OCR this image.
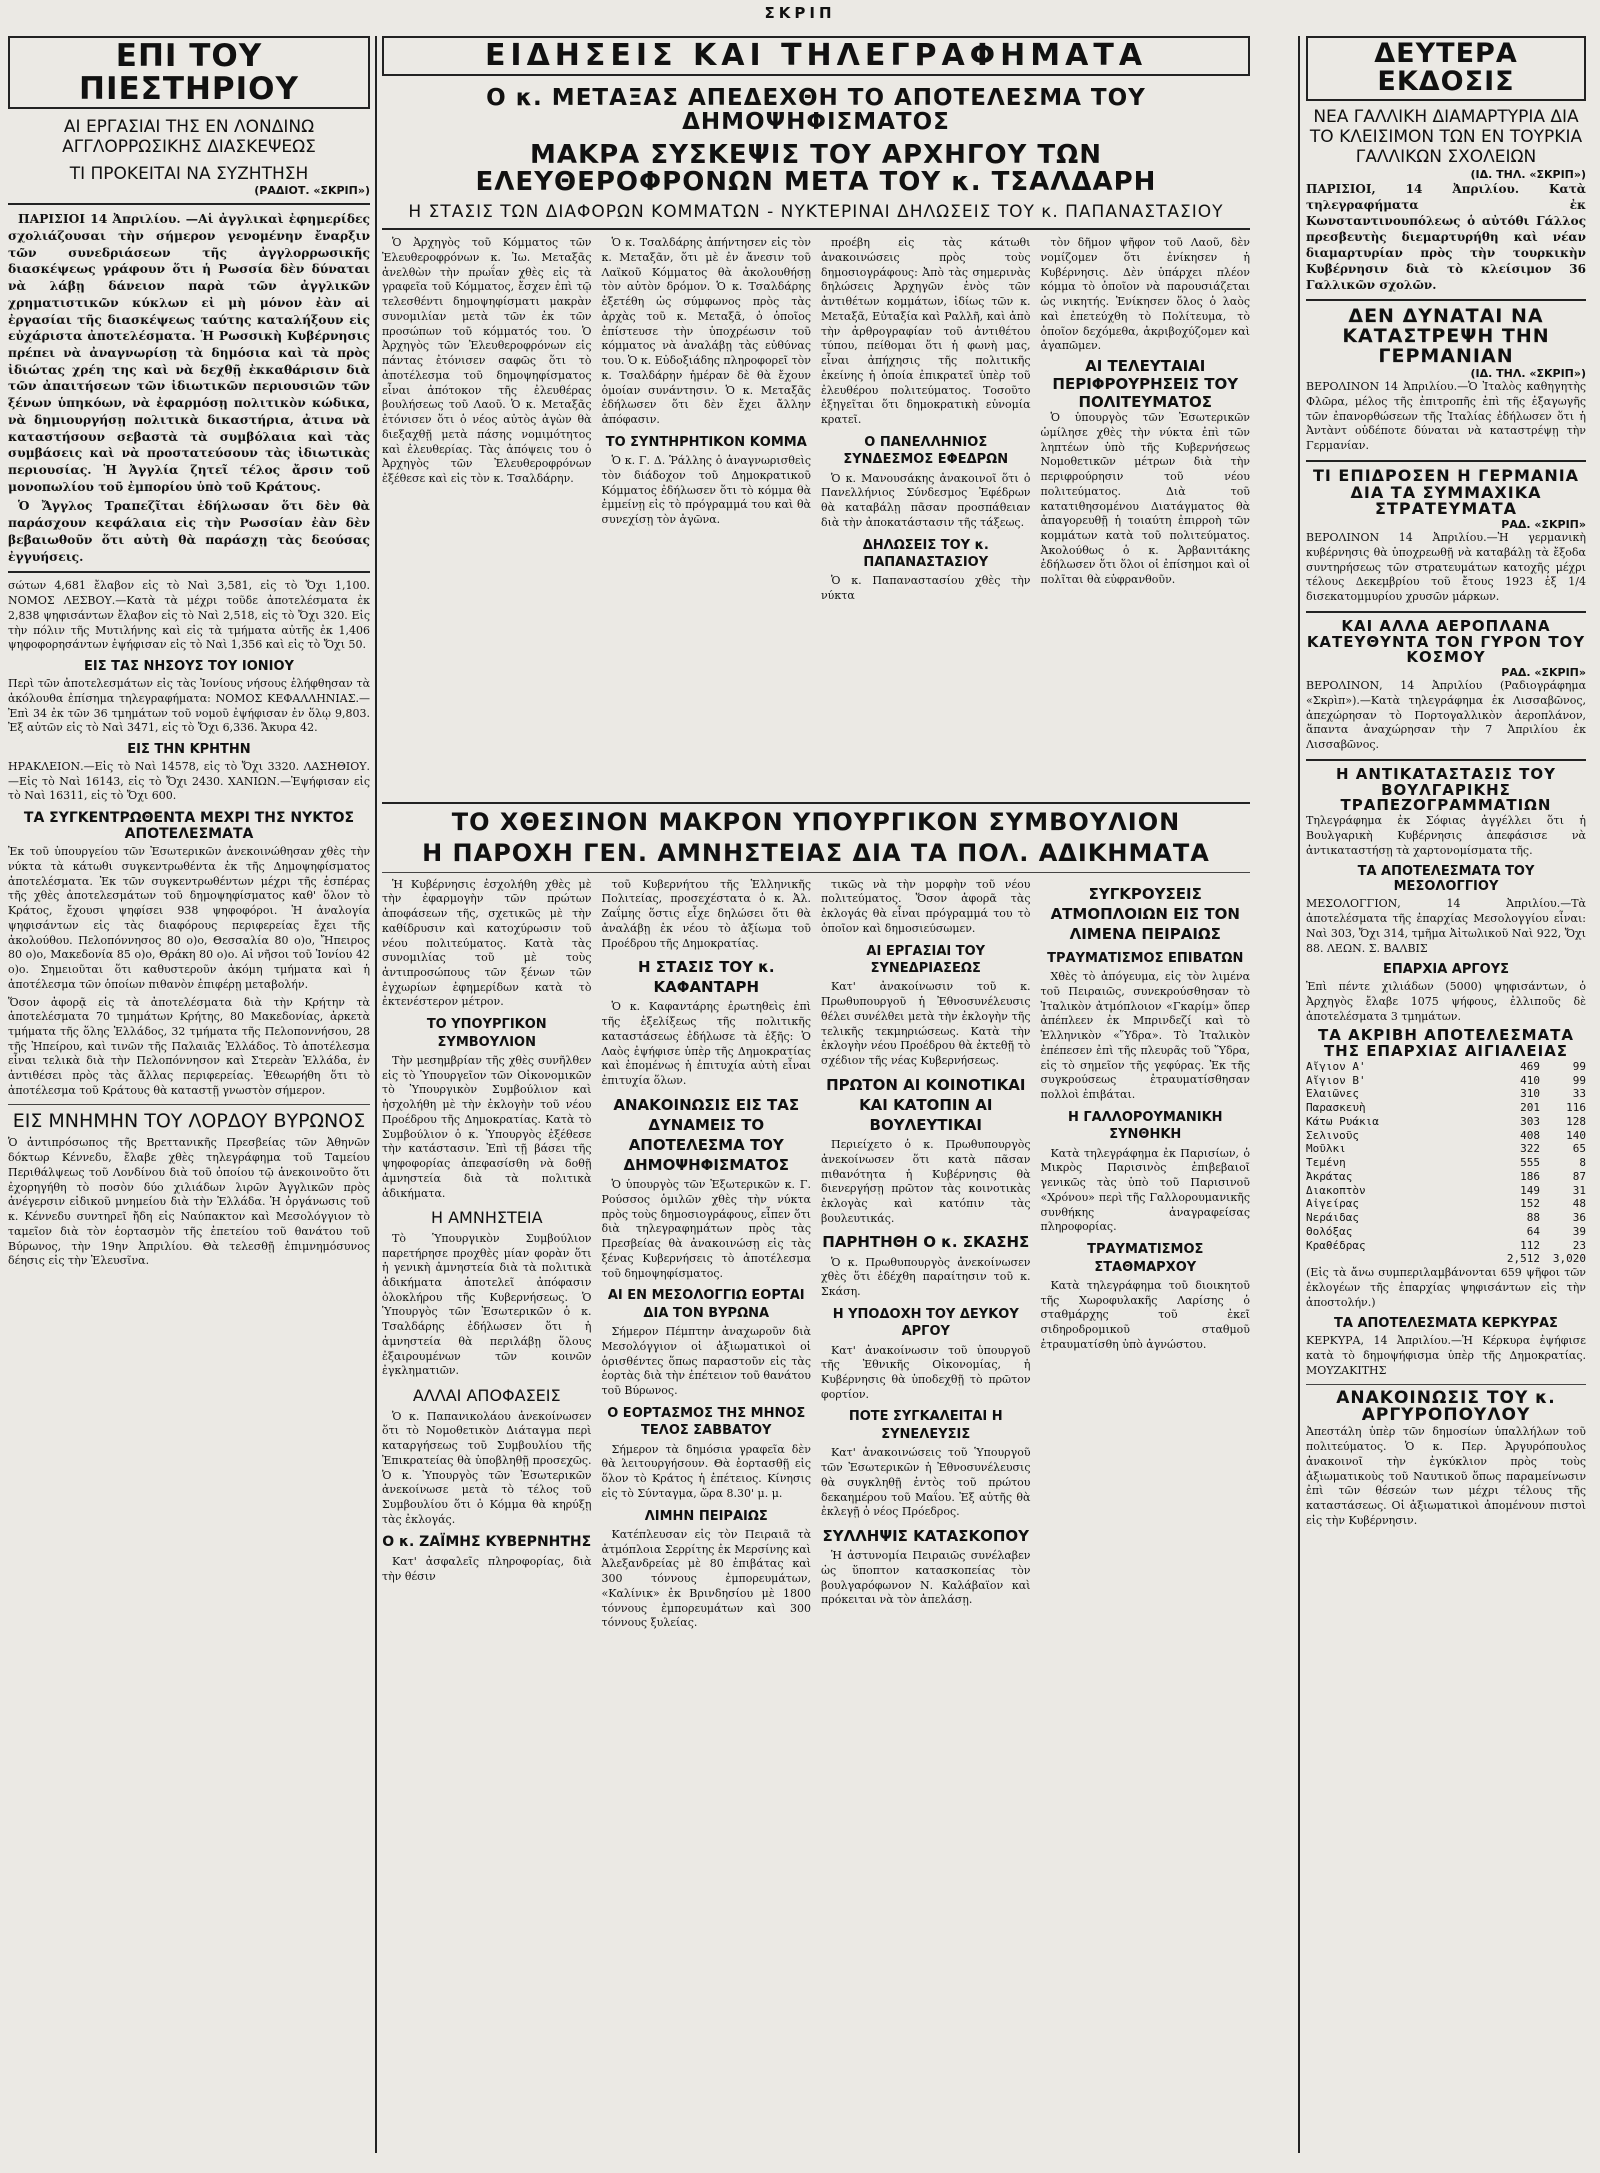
ΣΚΡΙΠ
ΕΠΙ ΤΟΥ ΠΙΕΣΤΗΡΙΟΥ
ΑΙ ΕΡΓΑΣΙΑΙ ΤΗΣ ΕΝ ΛΟΝΔΙΝΩ ΑΓΓΛΟΡΡΩΣΙΚΗΣ ΔΙΑΣΚΕΨΕΩΣ
ΤΙ ΠΡΟΚΕΙΤΑΙ ΝΑ ΣΥΖΗΤΗΣΗ
(ΡΑΔΙΟΤ. «ΣΚΡΙΠ»)

ΠΑΡΙΣΙΟΙ 14 Ἀπριλίου. —Αἱ ἀγγλικαὶ ἐφημερίδες σχολιάζουσαι τὴν σήμερον γενομένην ἔναρξιν τῶν συνεδριάσεων τῆς ἀγγλορρωσικῆς διασκέψεως γράφουν ὅτι ἡ Ρωσσία δὲν δύναται νὰ λάβῃ δάνειον παρὰ τῶν ἀγγλικῶν χρηματιστικῶν κύκλων εἰ μὴ μόνον ἐὰν αἱ ἐργασίαι τῆς διασκέψεως ταύτης καταλήξουν εἰς εὐχάριστα ἀποτελέσματα. Ἡ Ρωσσικὴ Κυβέρνησις πρέπει νὰ ἀναγνωρίσῃ τὰ δημόσια καὶ τὰ πρὸς ἰδιώτας χρέη της καὶ νὰ δεχθῇ ἐκκαθάρισιν διὰ τῶν ἀπαιτήσεων τῶν ἰδιωτικῶν περιουσιῶν τῶν ξένων ὑπηκόων, νὰ ἐφαρμόσῃ πολιτικὸν κώδικα, νὰ δημιουργήσῃ πολιτικὰ δικαστήρια, ἀτινα νὰ καταστήσουν σεβαστὰ τὰ συμβόλαια καὶ τὰς συμβάσεις καὶ νὰ προστατεύσουν τὰς ἰδιωτικὰς περιουσίας. Ἡ Ἀγγλία ζητεῖ τέλος ἄρσιν τοῦ μονοπωλίου τοῦ ἐμπορίου ὑπὸ τοῦ Κράτους.

Ὁ Ἄγγλος Τραπεζῖται ἐδήλωσαν ὅτι δὲν θὰ παράσχουν κεφάλαια εἰς τὴν Ρωσσίαν ἐὰν δὲν βεβαιωθοῦν ὅτι αὐτὴ θὰ παράσχῃ τὰς δεούσας ἐγγυήσεις.

σώτων 4,681 ἔλαβον εἰς τὸ Ναὶ 3,581, εἰς τὸ Ὄχι 1,100. ΝΟΜΟΣ ΛΕΣΒΟΥ.—Κατὰ τὰ μέχρι τοῦδε ἀποτελέσματα ἐκ 2,838 ψηφισάντων ἔλαβον εἰς τὸ Ναὶ 2,518, εἰς τὸ Ὄχι 320. Εἰς τὴν πόλιν τῆς Μυτιλήνης καὶ εἰς τὰ τμήματα αὐτῆς ἐκ 1,406 ψηφοφορησάντων ἐψήφισαν εἰς τὸ Ναὶ 1,356 καὶ εἰς τὸ Ὄχι 50.
ΕΙΣ ΤΑΣ ΝΗΣΟΥΣ ΤΟΥ ΙΟΝΙΟΥ
Περὶ τῶν ἀποτελεσμάτων εἰς τὰς Ἰονίους νήσους ἐλήφθησαν τὰ ἀκόλουθα ἐπίσημα τηλεγραφήματα: ΝΟΜΟΣ ΚΕΦΑΛΛΗΝΙΑΣ.—Ἐπὶ 34 ἐκ τῶν 36 τμημάτων τοῦ νομοῦ ἐψήφισαν ἐν ὅλῳ 9,803. Ἐξ αὐτῶν εἰς τὸ Ναὶ 3471, εἰς τὸ Ὄχι 6,336. Ἄκυρα 42.
ΕΙΣ ΤΗΝ ΚΡΗΤΗΝ
ΗΡΑΚΛΕΙΟΝ.—Εἰς τὸ Ναὶ 14578, εἰς τὸ Ὄχι 3320. ΛΑΣΗΘΙΟΥ.—Εἰς τὸ Ναὶ 16143, εἰς τὸ Ὄχι 2430. ΧΑΝΙΩΝ.—Ἐψήφισαν εἰς τὸ Ναὶ 16311, εἰς τὸ Ὄχι 600.
ΤΑ ΣΥΓΚΕΝΤΡΩΘΕΝΤΑ ΜΕΧΡΙ ΤΗΣ ΝΥΚΤΟΣ ΑΠΟΤΕΛΕΣΜΑΤΑ
Ἐκ τοῦ ὑπουργείου τῶν Ἐσωτερικῶν ἀνεκοινώθησαν χθὲς τὴν νύκτα τὰ κάτωθι συγκεντρωθέντα ἐκ τῆς Δημοψηφίσματος ἀποτελέσματα. Ἐκ τῶν συγκεντρωθέντων μέχρι τῆς ἑσπέρας τῆς χθὲς ἀποτελεσμάτων τοῦ δημοψηφίσματος καθ' ὅλον τὸ Κράτος, ἔχουσι ψηφίσει 938 ψηφοφόροι. Ἡ ἀναλογία ψηφισάντων εἰς τὰς διαφόρους περιφερείας ἔχει τῆς ἀκολούθου. Πελοπόννησος 80 ο)ο, Θεσσαλία 80 ο)ο, Ἤπειρος 80 ο)ο, Μακεδονία 85 ο)ο, Θράκη 80 ο)ο. Αἱ νῆσοι τοῦ Ἰονίου 42 ο)ο. Σημειοῦται ὅτι καθυστεροῦν ἀκόμη τμήματα καὶ ἡ ἀποτέλεσμα τῶν ὁποίων πιθανὸν ἐπιφέρῃ μεταβολήν.
Ὅσον ἀφορᾷ εἰς τὰ ἀποτελέσματα διὰ τὴν Κρήτην τὰ ἀποτελέσματα 70 τμημάτων Κρήτης, 80 Μακεδονίας, ἀρκετὰ τμήματα τῆς ὅλης Ἑλλάδος, 32 τμήματα τῆς Πελοποννήσου, 28 τῆς Ἠπείρου, καὶ τινῶν τῆς Παλαιᾶς Ἑλλάδος. Τὸ ἀποτέλεσμα εἶναι τελικὰ διὰ τὴν Πελοπόννησον καὶ Στερεὰν Ἑλλάδα, ἐν ἀντιθέσει πρὸς τὰς ἄλλας περιφερείας. Ἐθεωρήθη ὅτι τὸ ἀποτέλεσμα τοῦ Κράτους θὰ καταστῇ γνωστὸν σήμερον.
ΕΙΣ ΜΝΗΜΗΝ ΤΟΥ ΛΟΡΔΟΥ ΒΥΡΩΝΟΣ
Ὁ ἀντιπρόσωπος τῆς Βρεττανικῆς Πρεσβείας τῶν Ἀθηνῶν δόκτωρ Κέννεδυ, ἔλαβε χθὲς τηλεγράφημα τοῦ Ταμείου Περιθάλψεως τοῦ Λονδίνου διὰ τοῦ ὁποίου τῷ ἀνεκοινοῦτο ὅτι ἐχορηγήθη τὸ ποσὸν δύο χιλιάδων λιρῶν Ἀγγλικῶν πρὸς ἀνέγερσιν εἰδικοῦ μνημείου διὰ τὴν Ἑλλάδα. Ἡ ὀργάνωσις τοῦ κ. Κέννεδυ συντηρεῖ ἤδη εἰς Ναύπακτον καὶ Μεσολόγγιον τὸ ταμεῖον διὰ τὸν ἑορτασμὸν τῆς ἐπετείου τοῦ θανάτου τοῦ Βύρωνος, τὴν 19ην Ἀπριλίου. Θὰ τελεσθῇ ἐπιμνημόσυνος δέησις εἰς τὴν Ἐλευσῖνα.
ΕΙΔΗΣΕΙΣ ΚΑΙ ΤΗΛΕΓΡΑΦΗΜΑΤΑ
Ο κ. ΜΕΤΑΞΑΣ ΑΠΕΔΕΧΘΗ ΤΟ ΑΠΟΤΕΛΕΣΜΑ ΤΟΥ ΔΗΜΟΨΗΦΙΣΜΑΤΟΣ
ΜΑΚΡΑ ΣΥΣΚΕΨΙΣ ΤΟΥ ΑΡΧΗΓΟΥ ΤΩΝ ΕΛΕΥΘΕΡΟΦΡΟΝΩΝ ΜΕΤΑ ΤΟΥ κ. ΤΣΑΛΔΑΡΗ
Η ΣΤΑΣΙΣ ΤΩΝ ΔΙΑΦΟΡΩΝ ΚΟΜΜΑΤΩΝ - ΝΥΚΤΕΡΙΝΑΙ ΔΗΛΩΣΕΙΣ ΤΟΥ κ. ΠΑΠΑΝΑΣΤΑΣΙΟΥ

Ὁ Ἀρχηγὸς τοῦ Κόμματος τῶν Ἐλευθεροφρόνων κ. Ἰω. Μεταξᾶς ἀνελθὼν τὴν πρωΐαν χθὲς εἰς τὰ γραφεῖα τοῦ Κόμματος, ἔσχεν ἐπὶ τῷ τελεσθέντι δημοψηφίσματι μακρὰν συνομιλίαν μετὰ τῶν ἐκ τῶν προσώπων τοῦ κόμματός του. Ὁ Ἀρχηγὸς τῶν Ἐλευθεροφρόνων εἰς πάντας ἐτόνισεν σαφῶς ὅτι τὸ ἀποτέλεσμα τοῦ δημοψηφίσματος εἶναι ἀπότοκον τῆς ἐλευθέρας βουλήσεως τοῦ Λαοῦ. Ὁ κ. Μεταξᾶς ἐτόνισεν ὅτι ὁ νέος αὐτὸς ἀγὼν θὰ διεξαχθῇ μετὰ πάσης νομιμότητος καὶ ἐλευθερίας. Τὰς ἀπόψεις του ὁ Ἀρχηγὸς τῶν Ἐλευθεροφρόνων ἐξέθεσε καὶ εἰς τὸν κ. Τσαλδάρην.

Ὁ κ. Τσαλδάρης ἀπήντησεν εἰς τὸν κ. Μεταξᾶν, ὅτι μὲ ἐν ἄνεσιν τοῦ Λαϊκοῦ Κόμματος θὰ ἀκολουθήσῃ τὸν αὐτὸν δρόμον. Ὁ κ. Τσαλδάρης ἐξετέθη ὡς σύμφωνος πρὸς τὰς ἀρχὰς τοῦ κ. Μεταξᾶ, ὁ ὁποῖος ἐπίστευσε τὴν ὑποχρέωσιν τοῦ κόμματος νὰ ἀναλάβῃ τὰς εὐθύνας του. Ὁ κ. Εὐδοξιάδης πληροφορεῖ τὸν κ. Τσαλδάρην ἠμέραν δὲ θὰ ἔχουν ὁμοίαν συνάντησιν. Ὁ κ. Μεταξᾶς ἐδήλωσεν ὅτι δὲν ἔχει ἄλλην ἀπόφασιν.

ΤΟ ΣΥΝΤΗΡΗΤΙΚΟΝ ΚΟΜΜΑ

Ὁ κ. Γ. Δ. Ῥάλλης ὁ ἀναγνωρισθεὶς τὸν διάδοχον τοῦ Δημοκρατικοῦ Κόμματος ἐδήλωσεν ὅτι τὸ κόμμα θὰ ἐμμείνῃ εἰς τὸ πρόγραμμά του καὶ θὰ συνεχίσῃ τὸν ἀγῶνα.

προέβη εἰς τὰς κάτωθι ἀνακοινώσεις πρὸς τοὺς δημοσιογράφους: Ἀπὸ τὰς σημερινὰς δηλώσεις Ἀρχηγῶν ἐνὸς τῶν ἀντιθέτων κομμάτων, ἰδίως τῶν κ. Μεταξᾶ, Εὐταξία καὶ Ραλλῆ, καὶ ἀπὸ τὴν ἀρθρογραφίαν τοῦ ἀντιθέτου τύπου, πείθομαι ὅτι ἡ φωνὴ μας, εἶναι ἀπήχησις τῆς πολιτικῆς ἐκείνης ἡ ὁποία ἐπικρατεῖ ὑπὲρ τοῦ ἐλευθέρου πολιτεύματος. Τοσοῦτο ἐξηγεῖται ὅτι δημοκρατικὴ εὐνομία κρατεῖ.

Ο ΠΑΝΕΛΛΗΝΙΟΣ ΣΥΝΔΕΣΜΟΣ ΕΦΕΔΡΩΝ

Ὁ κ. Μανουσάκης ἀνακοινοῖ ὅτι ὁ Πανελλήνιος Σύνδεσμος Ἐφέδρων θὰ καταβάλῃ πᾶσαν προσπάθειαν διὰ τὴν ἀποκατάστασιν τῆς τάξεως.

ΔΗΛΩΣΕΙΣ ΤΟΥ κ. ΠΑΠΑΝΑΣΤΑΣΙΟΥ

Ὁ κ. Παπαναστασίου χθὲς τὴν νύκτα

τὸν δῆμον ψῆφον τοῦ Λαοῦ, δὲν νομίζομεν ὅτι ἐνίκησεν ἡ Κυβέρνησις. Δὲν ὑπάρχει πλέον κόμμα τὸ ὁποῖον νὰ παρουσιάζεται ὡς νικητής. Ἐνίκησεν ὅλος ὁ λαὸς καὶ ἐπετεύχθη τὸ Πολίτευμα, τὸ ὁποῖον δεχόμεθα, ἀκριβοχύζομεν καὶ ἀγαπῶμεν.

ΑΙ ΤΕΛΕΥΤΑΙΑΙ ΠΕΡΙΦΡΟΥΡΗΣΕΙΣ ΤΟΥ ΠΟΛΙΤΕΥΜΑΤΟΣ

Ὁ ὑπουργὸς τῶν Ἐσωτερικῶν ὡμίλησε χθὲς τὴν νύκτα ἐπὶ τῶν ληπτέων ὑπὸ τῆς Κυβερνήσεως Νομοθετικῶν μέτρων διὰ τὴν περιφρούρησιν τοῦ νέου πολιτεύματος. Διὰ τοῦ κατατιθησομένου Διατάγματος θὰ ἀπαγορευθῇ ἡ τοιαύτη ἐπιρροὴ τῶν κομμάτων κατὰ τοῦ πολιτεύματος. Ἀκολούθως ὁ κ. Ἀρβανιτάκης ἐδήλωσεν ὅτι ὅλοι οἱ ἐπίσημοι καὶ οἱ πολῖται θὰ εὐφρανθοῦν.

ΤΟ ΧΘΕΣΙΝΟΝ ΜΑΚΡΟΝ ΥΠΟΥΡΓΙΚΟΝ ΣΥΜΒΟΥΛΙΟΝ
Η ΠΑΡΟΧΗ ΓΕΝ. ΑΜΝΗΣΤΕΙΑΣ ΔΙΑ ΤΑ ΠΟΛ. ΑΔΙΚΗΜΑΤΑ

Ἡ Κυβέρνησις ἐσχολήθη χθὲς μὲ τὴν ἐφαρμογὴν τῶν πρώτων ἀποφάσεων τῆς, σχετικῶς μὲ τὴν καθίδρυσιν καὶ κατοχύρωσιν τοῦ νέου πολιτεύματος. Κατὰ τὰς συνομιλίας τοῦ μὲ τοὺς ἀντιπροσώπους τῶν ξένων τῶν ἐγχωρίων ἐφημερίδων κατὰ τὸ ἐκτενέστερον μέτρον.

ΤΟ ΥΠΟΥΡΓΙΚΟΝ ΣΥΜΒΟΥΛΙΟΝ

Τὴν μεσημβρίαν τῆς χθὲς συνῆλθεν εἰς τὸ Ὑπουργεῖον τῶν Οἰκονομικῶν τὸ Ὑπουργικὸν Συμβούλιον καὶ ἠσχολήθη μὲ τὴν ἐκλογὴν τοῦ νέου Προέδρου τῆς Δημοκρατίας. Κατὰ τὸ Συμβούλιον ὁ κ. Ὑπουργὸς ἐξέθεσε τὴν κατάστασιν. Ἐπὶ τῇ βάσει τῆς ψηφοφορίας ἀπεφασίσθη νὰ δοθῇ ἀμνηστεία διὰ τὰ πολιτικὰ ἀδικήματα.

Η ΑΜΝΗΣΤΕΙΑ

Τὸ Ὑπουργικὸν Συμβούλιον παρετήρησε προχθὲς μίαν φορὰν ὅτι ἡ γενικὴ ἀμνηστεία διὰ τὰ πολιτικὰ ἀδικήματα ἀποτελεῖ ἀπόφασιν ὁλοκλήρου τῆς Κυβερνήσεως. Ὁ Ὑπουργὸς τῶν Ἐσωτερικῶν ὁ κ. Τσαλδάρης ἐδήλωσεν ὅτι ἡ ἀμνηστεία θὰ περιλάβῃ ὅλους ἐξαιρουμένων τῶν κοινῶν ἐγκληματιῶν.

ΑΛΛΑΙ ΑΠΟΦΑΣΕΙΣ

Ὁ κ. Παπανικολάου ἀνεκοίνωσεν ὅτι τὸ Νομοθετικὸν Διάταγμα περὶ καταργήσεως τοῦ Συμβουλίου τῆς Ἐπικρατείας θὰ ὑποβληθῇ προσεχῶς. Ὁ κ. Ὑπουργὸς τῶν Ἐσωτερικῶν ἀνεκοίνωσε μετὰ τὸ τέλος τοῦ Συμβουλίου ὅτι ὁ Κόμμα θὰ κηρύξῃ τὰς ἐκλογάς.

Ο κ. ΖΑΪΜΗΣ ΚΥΒΕΡΝΗΤΗΣ

Κατ' ἀσφαλεῖς πληροφορίας, διὰ τὴν θέσιν

τοῦ Κυβερνήτου τῆς Ἑλληνικῆς Πολιτείας, προσεχέστατα ὁ κ. Ἀλ. Ζαΐμης ὅστις εἶχε δηλώσει ὅτι θὰ ἀναλάβῃ ἐκ νέου τὸ ἀξίωμα τοῦ Προέδρου τῆς Δημοκρατίας.

Η ΣΤΑΣΙΣ ΤΟΥ κ. ΚΑΦΑΝΤΑΡΗ

Ὁ κ. Καφαντάρης ἐρωτηθεὶς ἐπὶ τῆς ἐξελίξεως τῆς πολιτικῆς καταστάσεως ἐδήλωσε τὰ ἑξῆς: Ὁ Λαὸς ἐψήφισε ὑπὲρ τῆς Δημοκρατίας καὶ ἐπομένως ἡ ἐπιτυχία αὐτὴ εἶναι ἐπιτυχία ὅλων.

ΑΝΑΚΟΙΝΩΣΙΣ ΕΙΣ ΤΑΣ ΔΥΝΑΜΕΙΣ ΤΟ ΑΠΟΤΕΛΕΣΜΑ ΤΟΥ ΔΗΜΟΨΗΦΙΣΜΑΤΟΣ

Ὁ ὑπουργὸς τῶν Ἐξωτερικῶν κ. Γ. Ρούσσος ὁμιλῶν χθὲς τὴν νύκτα πρὸς τοὺς δημοσιογράφους, εἶπεν ὅτι διὰ τηλεγραφημάτων πρὸς τὰς Πρεσβείας θὰ ἀνακοινώσῃ εἰς τὰς ξένας Κυβερνήσεις τὸ ἀποτέλεσμα τοῦ δημοψηφίσματος.

ΑΙ ΕΝ ΜΕΣΟΛΟΓΓΙΩ ΕΟΡΤΑΙ ΔΙΑ ΤΟΝ ΒΥΡΩΝΑ

Σήμερον Πέμπτην ἀναχωροῦν διὰ Μεσολόγγιον οἱ ἀξιωματικοὶ οἱ ὁρισθέντες ὅπως παραστοῦν εἰς τὰς ἑορτὰς διὰ τὴν ἐπέτειον τοῦ θανάτου τοῦ Βύρωνος.

Ο ΕΟΡΤΑΣΜΟΣ ΤΗΣ ΜΗΝΟΣ ΤΕΛΟΣ ΣΑΒΒΑΤΟΥ

Σήμερον τὰ δημόσια γραφεῖα δὲν θὰ λειτουργήσουν. Θὰ ἑορτασθῇ εἰς ὅλον τὸ Κράτος ἡ ἐπέτειος. Κίνησις εἰς τὸ Σύνταγμα, ὥρα 8.30' μ. μ.

ΛΙΜΗΝ ΠΕΙΡΑΙΩΣ

Κατέπλευσαν εἰς τὸν Πειραιᾶ τὰ ἀτμόπλοια Σερρίτης ἐκ Μερσίνης καὶ Ἀλεξανδρείας μὲ 80 ἐπιβάτας καὶ 300 τόννους ἐμπορευμάτων, «Καλίνικ» ἐκ Βρινδησίου μὲ 1800 τόννους ἐμπορευμάτων καὶ 300 τόννους ξυλείας.

τικῶς νὰ τὴν μορφὴν τοῦ νέου πολιτεύματος. Ὅσον ἀφορᾶ τὰς ἐκλογάς θὰ εἶναι πρόγραμμά του τὸ ὁποῖον καὶ δημοσιεύσωμεν.

ΑΙ ΕΡΓΑΣΙΑΙ ΤΟΥ ΣΥΝΕΔΡΙΑΣΕΩΣ

Κατ' ἀνακοίνωσιν τοῦ κ. Πρωθυπουργοῦ ἡ Ἐθνοσυνέλευσις θέλει συνέλθει μετὰ τὴν ἐκλογὴν τῆς τελικῆς τεκμηριώσεως. Κατὰ τὴν ἐκλογὴν νέου Προέδρου θὰ ἐκτεθῇ τὸ σχέδιον τῆς νέας Κυβερνήσεως.

ΠΡΩΤΟΝ ΑΙ ΚΟΙΝΟΤΙΚΑΙ ΚΑΙ ΚΑΤΟΠΙΝ ΑΙ ΒΟΥΛΕΥΤΙΚΑΙ

Περιείχετο ὁ κ. Πρωθυπουργὸς ἀνεκοίνωσεν ὅτι κατὰ πᾶσαν πιθανότητα ἡ Κυβέρνησις θὰ διενεργήσῃ πρῶτον τὰς κοινοτικὰς ἐκλογὰς καὶ κατόπιν τὰς βουλευτικάς.

ΠΑΡΗΤΗΘΗ Ο κ. ΣΚΑΣΗΣ

Ὁ κ. Πρωθυπουργὸς ἀνεκοίνωσεν χθὲς ὅτι ἐδέχθη παραίτησιν τοῦ κ. Σκάση.

Η ΥΠΟΔΟΧΗ ΤΟΥ ΔΕΥΚΟΥ ΑΡΓΟΥ

Κατ' ἀνακοίνωσιν τοῦ ὑπουργοῦ τῆς Ἐθνικῆς Οἰκονομίας, ἡ Κυβέρνησις θὰ ὑποδεχθῇ τὸ πρῶτον φορτίον.

ΠΟΤΕ ΣΥΓΚΑΛΕΙΤΑΙ Η ΣΥΝΕΛΕΥΣΙΣ

Κατ' ἀνακοινώσεις τοῦ Ὑπουργοῦ τῶν Ἐσωτερικῶν ἡ Ἐθνοσυνέλευσις θὰ συγκληθῇ ἐντὸς τοῦ πρώτου δεκαημέρου τοῦ Μαΐου. Ἐξ αὐτῆς θὰ ἐκλεγῇ ὁ νέος Πρόεδρος.

ΣΥΛΛΗΨΙΣ ΚΑΤΑΣΚΟΠΟΥ

Ἡ ἀστυνομία Πειραιῶς συνέλαβεν ὡς ὕποπτον κατασκοπείας τὸν βουλγαρόφωνον Ν. Καλάβαϊον καὶ πρόκειται νὰ τὸν ἀπελάσῃ.

ΣΥΓΚΡΟΥΣΕΙΣ ΑΤΜΟΠΛΟΙΩΝ ΕΙΣ ΤΟΝ ΛΙΜΕΝΑ ΠΕΙΡΑΙΩΣ
ΤΡΑΥΜΑΤΙΣΜΟΣ ΕΠΙΒΑΤΩΝ

Χθὲς τὸ ἀπόγευμα, εἰς τὸν λιμένα τοῦ Πειραιῶς, συνεκρούσθησαν τὸ Ἰταλικὸν ἀτμόπλοιον «Γκαρίμ» ὅπερ ἀπέπλεεν ἐκ Μπρινδεζί καὶ τὸ Ἑλληνικὸν «Ὕδρα». Τὸ Ἰταλικὸν ἐπέπεσεν ἐπὶ τῆς πλευρᾶς τοῦ Ὕδρα, εἰς τὸ σημεῖον τῆς γεφύρας. Ἐκ τῆς συγκρούσεως ἐτραυματίσθησαν πολλοὶ ἐπιβάται.

Η ΓΑΛΛΟΡΟΥΜΑΝΙΚΗ ΣΥΝΘΗΚΗ

Κατὰ τηλεγράφημα ἐκ Παρισίων, ὁ Μικρὸς Παρισινὸς ἐπιβεβαιοῖ γενικῶς τὰς ὑπὸ τοῦ Παρισινοῦ «Χρόνου» περὶ τῆς Γαλλορουμανικῆς συνθήκης ἀναγραφείσας πληροφορίας.

ΤΡΑΥΜΑΤΙΣΜΟΣ ΣΤΑΘΜΑΡΧΟΥ

Κατὰ τηλεγράφημα τοῦ διοικητοῦ τῆς Χωροφυλακῆς Λαρίσης ὁ σταθμάρχης τοῦ ἐκεῖ σιδηροδρομικοῦ σταθμοῦ ἐτραυματίσθη ὑπὸ ἀγνώστου.

ΔΕΥΤΕΡΑ ΕΚΔΟΣΙΣ
ΝΕΑ ΓΑΛΛΙΚΗ ΔΙΑΜΑΡΤΥΡΙΑ ΔΙΑ ΤΟ ΚΛΕΙΣΙΜΟΝ ΤΩΝ ΕΝ ΤΟΥΡΚΙΑ ΓΑΛΛΙΚΩΝ ΣΧΟΛΕΙΩΝ
(ΙΔ. ΤΗΛ. «ΣΚΡΙΠ»)
ΠΑΡΙΣΙΟΙ, 14 Ἀπριλίου. Κατὰ τηλεγραφήματα ἐκ Κωνσταντινουπόλεως ὁ αὐτόθι Γάλλος πρεσβευτὴς διεμαρτυρήθη καὶ νέαν διαμαρτυρίαν πρὸς τὴν τουρκικὴν Κυβέρνησιν διὰ τὸ κλείσιμον 36 Γαλλικῶν σχολῶν.
ΔΕΝ ΔΥΝΑΤΑΙ ΝΑ ΚΑΤΑΣΤΡΕΨΗ ΤΗΝ ΓΕΡΜΑΝΙΑΝ
(ΙΔ. ΤΗΛ. «ΣΚΡΙΠ»)
ΒΕΡΟΛΙΝΟΝ 14 Ἀπριλίου.—Ὁ Ἰταλὸς καθηγητὴς Φλῶρα, μέλος τῆς ἐπιτροπῆς ἐπὶ τῆς ἐξαγωγῆς τῶν ἐπανορθώσεων τῆς Ἰταλίας ἐδήλωσεν ὅτι ἡ Ἀντὰντ οὐδέποτε δύναται νὰ καταστρέψῃ τὴν Γερμανίαν.
ΤΙ ΕΠΙΔΡΟΣΕΝ Η ΓΕΡΜΑΝΙΑ ΔΙΑ ΤΑ ΣΥΜΜΑΧΙΚΑ ΣΤΡΑΤΕΥΜΑΤΑ
ΡΑΔ. «ΣΚΡΙΠ»
ΒΕΡΟΛΙΝΟΝ 14 Ἀπριλίου.—Ἡ γερμανικὴ κυβέρνησις θὰ ὑποχρεωθῇ νὰ καταβάλῃ τὰ ἔξοδα συντηρήσεως τῶν στρατευμάτων κατοχῆς μέχρι τέλους Δεκεμβρίου τοῦ ἔτους 1923 ἐξ 1/4 δισεκατομμυρίου χρυσῶν μάρκων.
ΚΑΙ ΑΛΛΑ ΑΕΡΟΠΛΑΝΑ ΚΑΤΕΥΘΥΝΤΑ ΤΟΝ ΓΥΡΟΝ ΤΟΥ ΚΟΣΜΟΥ
ΡΑΔ. «ΣΚΡΙΠ»
ΒΕΡΟΛΙΝΟΝ, 14 Ἀπριλίου (Ραδιογράφημα «Σκρὶπ»).—Κατὰ τηλεγράφημα ἐκ Λισσαβῶνος, ἀπεχώρησαν τὸ Πορτογαλλικὸν ἀεροπλάνον, ἅπαντα ἀναχώρησαν τὴν 7 Ἀπριλίου ἐκ Λισσαβῶνος.
Η ΑΝΤΙΚΑΤΑΣΤΑΣΙΣ ΤΟΥ ΒΟΥΛΓΑΡΙΚΗΣ ΤΡΑΠΕΖΟΓΡΑΜΜΑΤΙΩΝ
Τηλεγράφημα ἐκ Σόφιας ἀγγέλλει ὅτι ἡ Βουλγαρικὴ Κυβέρνησις ἀπεφάσισε νὰ ἀντικαταστήσῃ τὰ χαρτονομίσματα τῆς.
ΤΑ ΑΠΟΤΕΛΕΣΜΑΤΑ ΤΟΥ ΜΕΣΟΛΟΓΓΙΟΥ
ΜΕΣΟΛΟΓΓΙΟΝ, 14 Ἀπριλίου.—Τὰ ἀποτελέσματα τῆς ἐπαρχίας Μεσολογγίου εἶναι: Ναὶ 303, Ὄχι 314, τμῆμα Ἀἰτωλικοῦ Ναὶ 922, Ὄχι 88. ΛΕΩΝ. Σ. ΒΑΛΒΙΣ
ΕΠΑΡΧΙΑ ΑΡΓΟΥΣ
Ἐπὶ πέντε χιλιάδων (5000) ψηφισάντων, ὁ Ἀρχηγὸς ἔλαβε 1075 ψήφους, ἐλλιποῦς δὲ ἀποτελέσματα 3 τμημάτων.
ΤΑ ΑΚΡΙΒΗ ΑΠΟΤΕΛΕΣΜΑΤΑ ΤΗΣ ΕΠΑΡΧΙΑΣ ΑΙΓΙΑΛΕΙΑΣ
Αἴγιον Α'	469	99
Αἴγιον Β'	410	99
Ἑλαιῶνες	310	33
Παρασκευὴ	201	116
Κάτω Ρυάκια	303	128
Σελινοῦς	408	140
Μοῦλκι	322	65
Τεμένη	555	8
Ἀκράτας	186	87
Διακοπτὸν	149	31
Αἰγείρας	152	48
Νεράιδας	88	36
Θολόξας	64	39
Κραθέδρας	112	23
2,512	3,020
(Εἰς τὰ ἄνω συμπεριλαμβάνονται 659 ψῆφοι τῶν ἐκλογέων τῆς ἐπαρχίας ψηφισάντων εἰς τὴν ἀποστολήν.)
ΤΑ ΑΠΟΤΕΛΕΣΜΑΤΑ ΚΕΡΚΥΡΑΣ
ΚΕΡΚΥΡΑ, 14 Ἀπριλίου.—Ἡ Κέρκυρα ἐψήφισε κατὰ τὸ δημοψήφισμα ὑπὲρ τῆς Δημοκρατίας. ΜΟΥΖΑΚΙΤΗΣ
ΑΝΑΚΟΙΝΩΣΙΣ ΤΟΥ κ. ΑΡΓΥΡΟΠΟΥΛΟΥ
Ἀπεστάλη ὑπὲρ τῶν δημοσίων ὑπαλλήλων τοῦ πολιτεύματος. Ὁ κ. Περ. Ἀργυρόπουλος ἀνακοινοῖ τὴν ἐγκύκλιον πρὸς τοὺς ἀξιωματικοὺς τοῦ Ναυτικοῦ ὅπως παραμείνωσιν ἐπὶ τῶν θέσεών των μέχρι τέλους τῆς καταστάσεως. Οἱ ἀξιωματικοὶ ἀπομένουν πιστοὶ εἰς τὴν Κυβέρνησιν.
